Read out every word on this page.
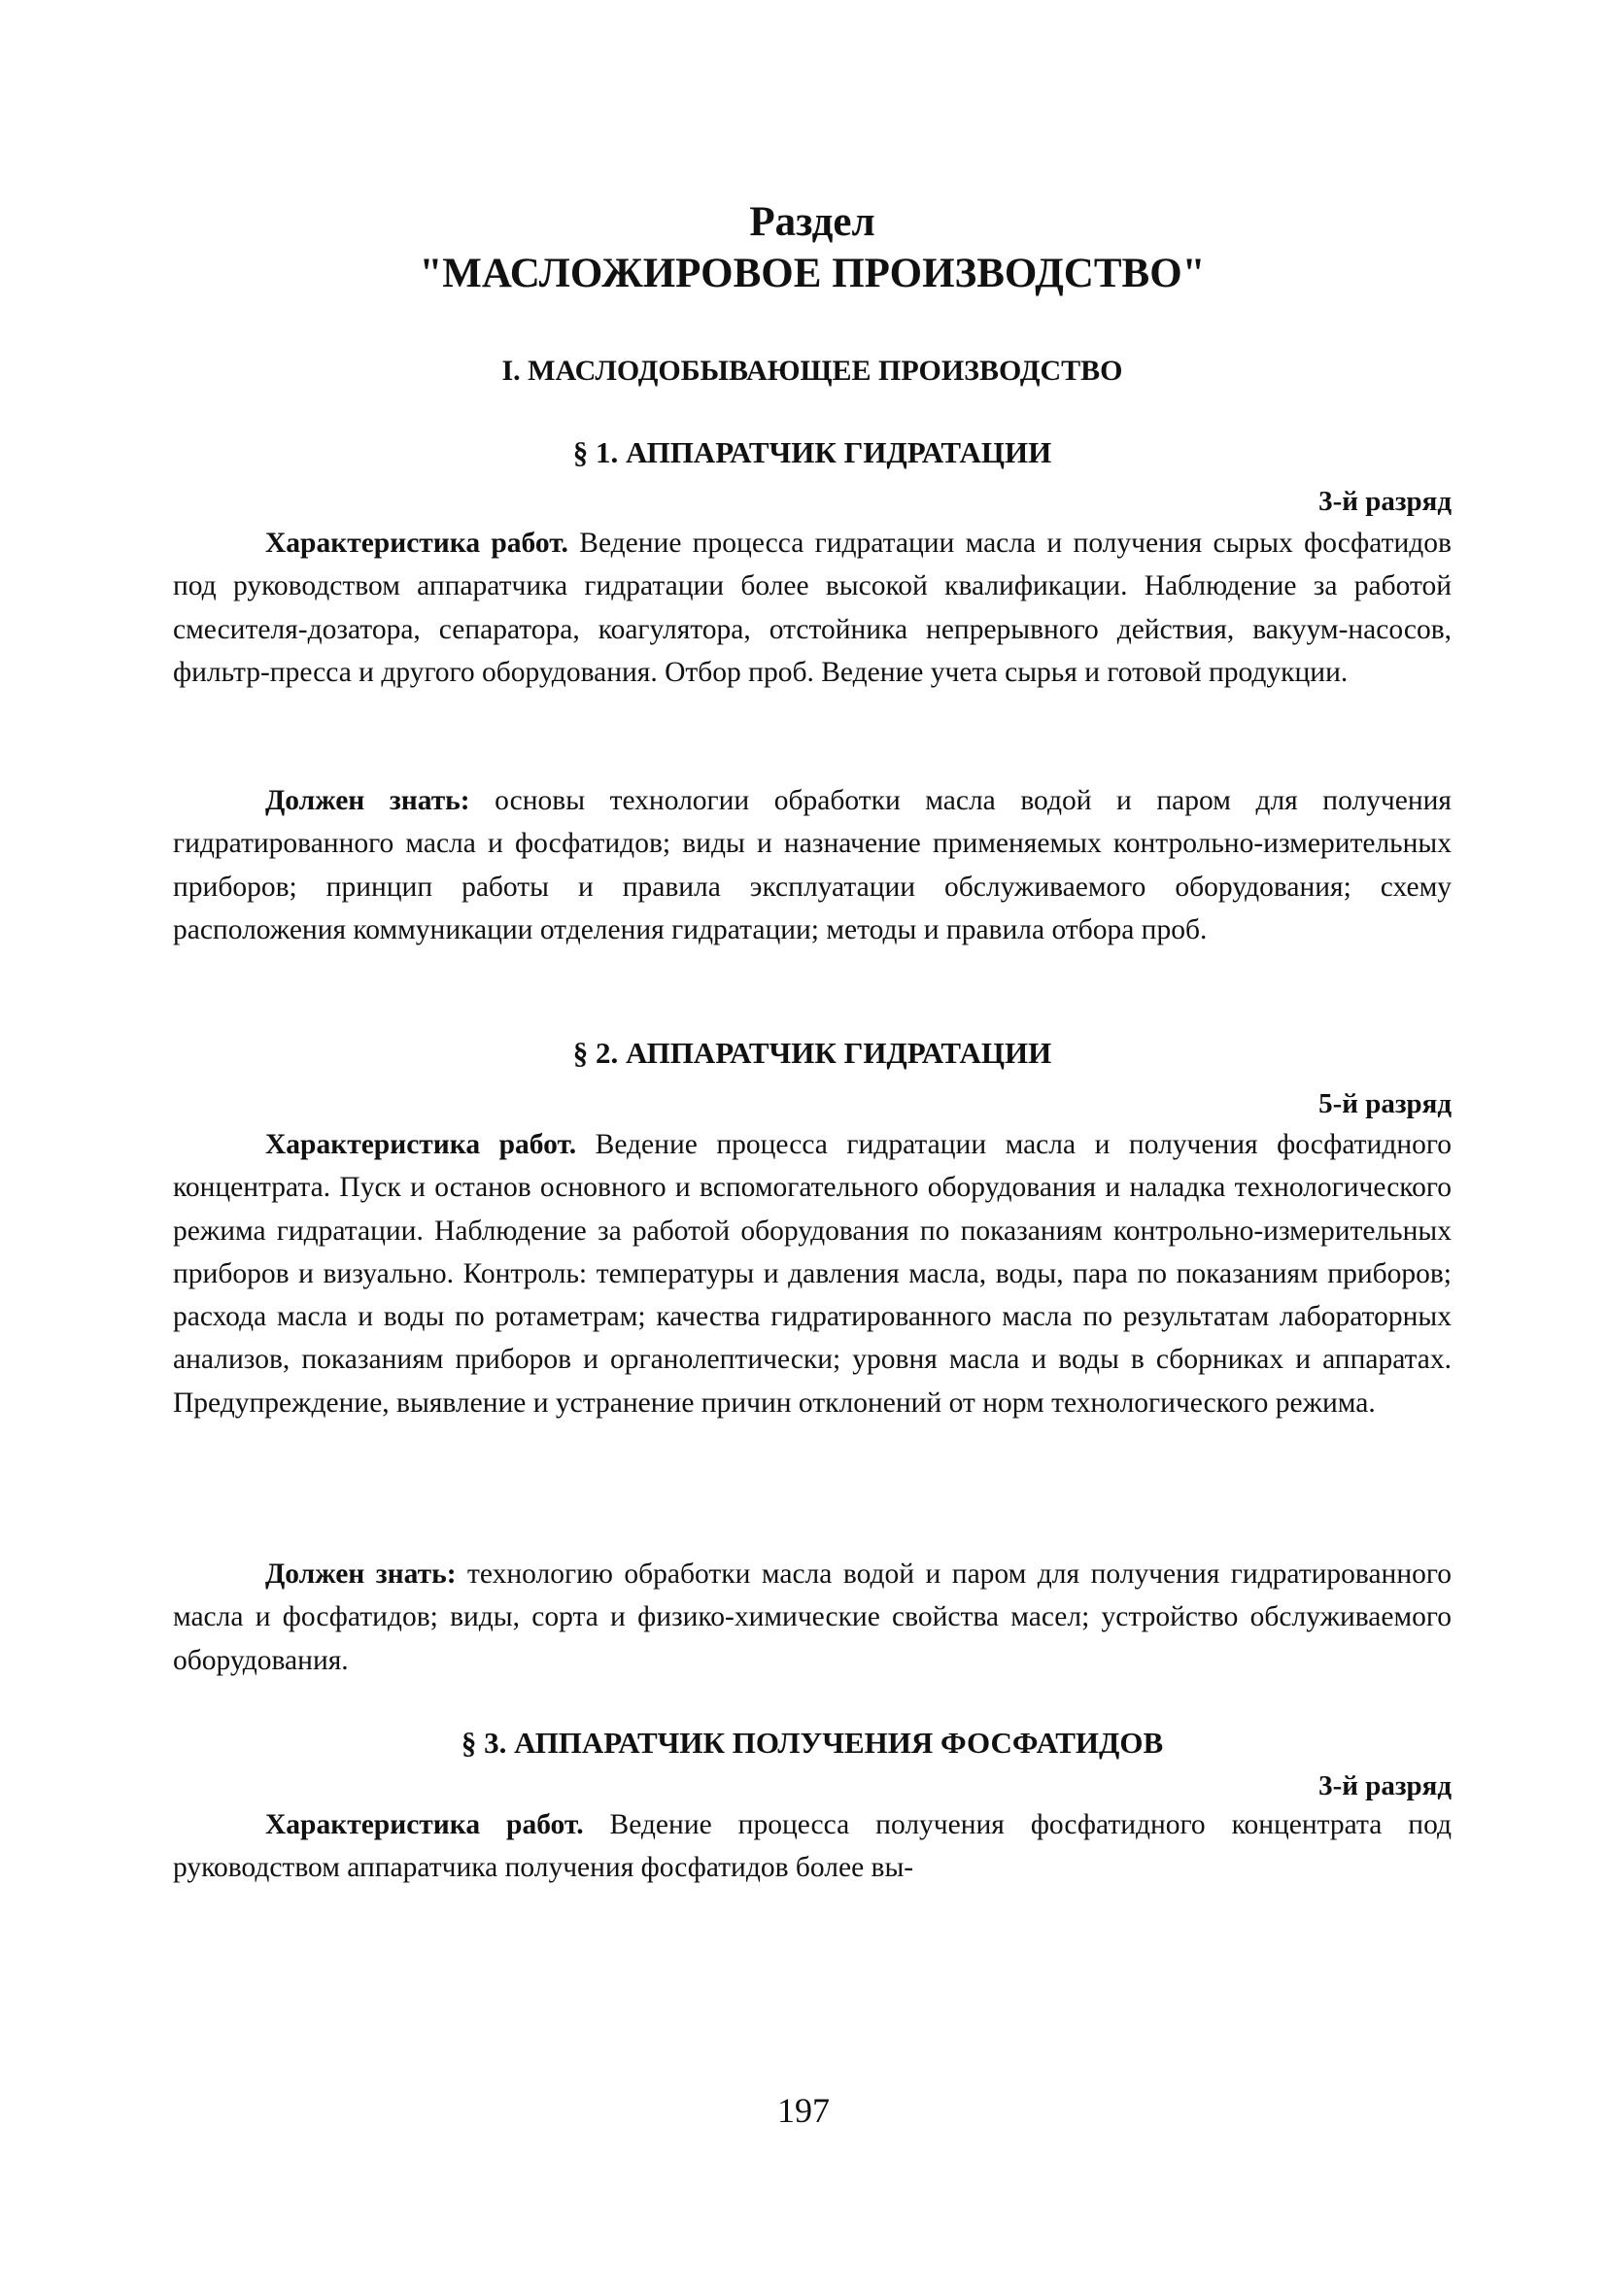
Раздел
"МАСЛОЖИРОВОЕ ПРОИЗВОДСТВО"
I. МАСЛОДОБЫВАЮЩЕЕ ПРОИЗВОДСТВО
§ 1. АППАРАТЧИК ГИДРАТАЦИИ
3-й разряд

Характеристика работ. Ведение процесса гидратации масла и получения сырых фосфатидов под руководством аппаратчика гидратации более высокой квалификации. Наблюдение за работой смесителя-дозатора, сепаратора, коагулятора, отстойника непрерывного действия, вакуум-насосов, фильтр-пресса и другого оборудования. Отбор проб. Ведение учета сырья и готовой продукции.

Должен знать: основы технологии обработки масла водой и паром для получения гидратированного масла и фосфатидов; виды и назначение применяемых контрольно-измерительных приборов; принцип работы и правила эксплуатации обслуживаемого оборудования; схему расположения коммуникации отделения гидратации; методы и правила отбора проб.

§ 2. АППАРАТЧИК ГИДРАТАЦИИ
5-й разряд

Характеристика работ. Ведение процесса гидратации масла и получения фосфатидного концентрата. Пуск и останов основного и вспомогательного оборудования и наладка технологического режима гидратации. Наблюдение за работой оборудования по показаниям контрольно-измерительных приборов и визуально. Контроль: температуры и давления масла, воды, пара по показаниям приборов; расхода масла и воды по ротаметрам; качества гидратированного масла по результатам лабораторных анализов, показаниям приборов и органолептически; уровня масла и воды в сборниках и аппаратах. Предупреждение, выявление и устранение причин отклонений от норм технологического режима.

Должен знать: технологию обработки масла водой и паром для получения гидратированного масла и фосфатидов; виды, сорта и физико-химические свойства масел; устройство обслуживаемого оборудования.

§ 3. АППАРАТЧИК ПОЛУЧЕНИЯ ФОСФАТИДОВ
3-й разряд

Характеристика работ. Ведение процесса получения фосфатидного концентрата под руководством аппаратчика получения фосфатидов более вы-

197
